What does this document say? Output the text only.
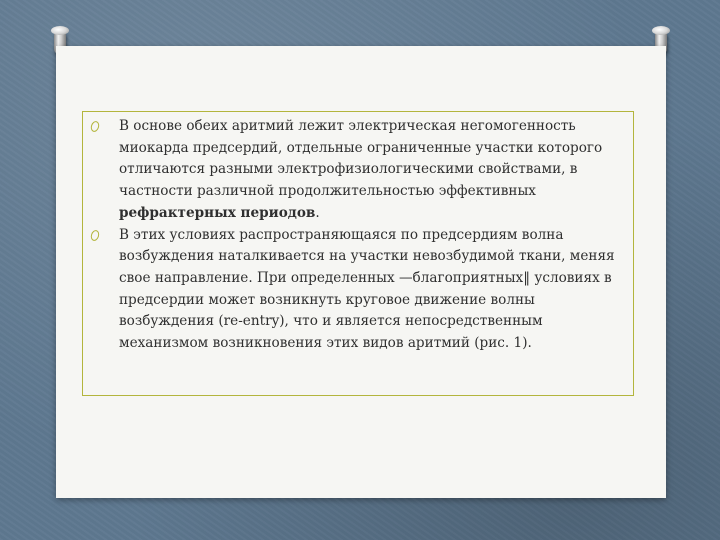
В основе обеих аритмий лежит электрическая негомогенность миокарда предсердий, отдельные ограниченные участки которого отличаются разными электрофизиологическими свойствами, в частности различной продолжительностью эффективных рефрактерных периодов.
В этих условиях распространяющаяся по предсердиям волна возбуждения наталкивается на участки невозбудимой ткани, меняя свое направление. При определенных —благоприятных‖ условиях в предсердии может возникнуть круговое движение волны возбуждения (re-entry), что и является непосредственным механизмом возникновения этих видов аритмий (рис. 1).
